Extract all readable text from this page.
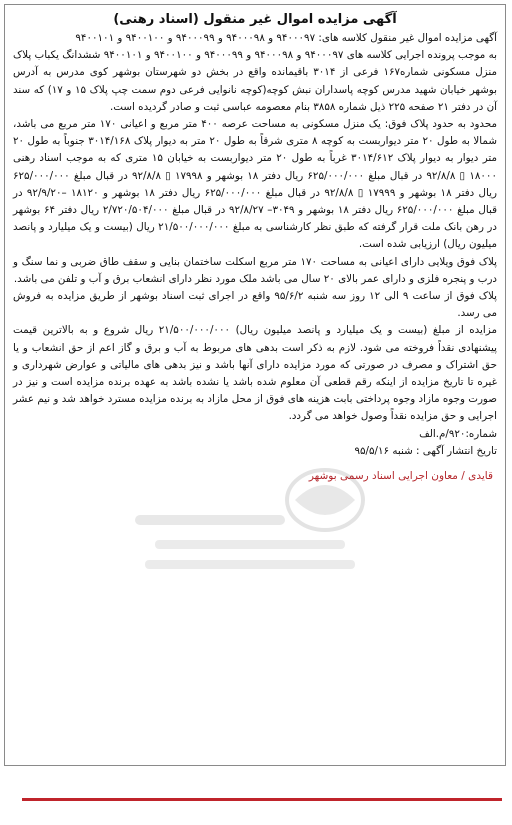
آگهی مزایده اموال غیر منقول (اسناد رهنی)

آگهی مزایده اموال غیر منقول کلاسه های: ۹۴۰۰۰۹۷ و ۹۴۰۰۰۹۸ و ۹۴۰۰۰۹۹ و ۹۴۰۰۱۰۰ و ۹۴۰۰۱۰۱

به موجب پرونده اجرایی کلاسه های ۹۴۰۰۰۹۷ و ۹۴۰۰۰۹۸ و ۹۴۰۰۰۹۹ و ۹۴۰۰۱۰۰ و ۹۴۰۰۱۰۱ ششدانگ یکباب پلاک منزل مسکونی شماره۱۶۷ فرعی از ۳۰۱۴ باقیمانده واقع در بخش دو شهرستان بوشهر کوی مدرس به آدرس بوشهر خیابان شهید مدرس کوچه پاسداران نبش کوچه(کوچه نانوایی فرعی دوم سمت چپ پلاک ۱۵ و ۱۷) که سند آن در دفتر ۲۱ صفحه ۲۲۵ ذیل شماره ۳۸۵۸ بنام معصومه عباسی ثبت و صادر گردیده است.

محدود به حدود پلاک فوق: یک منزل مسکونی به مساحت عرصه ۴۰۰ متر مربع و اعیانی ۱۷۰ متر مربع می باشد، شمالا به طول ۲۰ متر دیواربست به کوچه ۸ متری شرقاً به طول ۲۰ متر به دیوار پلاک ۳۰۱۴/۱۶۸ جنوباً به طول ۲۰ متر دیوار به دیوار پلاک ۳۰۱۴/۶۱۲ غرباً به طول ۲۰ متر دیواربست به خیابان ۱۵ متری که به موجب اسناد رهنی ۱۸۰۰۰ ▯ ۹۲/۸/۸ در قبال مبلغ ۶۲۵/۰۰۰/۰۰۰ ریال دفتر ۱۸ بوشهر و ۱۷۹۹۸ ▯ ۹۲/۸/۸ در قبال مبلغ ۶۲۵/۰۰۰/۰۰۰ ریال دفتر ۱۸ بوشهر و ۱۷۹۹۹ ▯ ۹۲/۸/۸ در قبال مبلغ ۶۲۵/۰۰۰/۰۰۰ ریال دفتر ۱۸ بوشهر و ۱۸۱۲۰ –۹۲/۹/۲۰ در قبال مبلغ ۶۲۵/۰۰۰/۰۰۰ ریال دفتر ۱۸ بوشهر و ۳۰۴۹– ۹۲/۸/۲۷ در قبال مبلغ ۲/۷۲۰/۵۰۴/۰۰۰ ریال دفتر ۶۴ بوشهر در رهن بانک ملت قرار گرفته که طبق نظر کارشناسی به مبلغ ۲۱/۵۰۰/۰۰۰/۰۰۰ ریال (بیست و یک میلیارد و پانصد میلیون ریال) ارزیابی شده است.

پلاک فوق ویلایی دارای اعیانی به مساحت ۱۷۰ متر مربع اسکلت ساختمان بنایی و سقف طاق ضربی و نما سنگ و درب و پنجره فلزی و دارای عمر بالای ۲۰ سال می باشد ملک مورد نظر دارای انشعاب برق و آب و تلفن می باشد.

پلاک فوق از ساعت ۹ الی ۱۲ روز سه شنبه ۹۵/۶/۲ واقع در اجرای ثبت اسناد بوشهر از طریق مزایده به فروش می رسد.

مزایده از مبلغ (بیست و یک میلیارد و پانصد میلیون ریال) ۲۱/۵۰۰/۰۰۰/۰۰۰ ریال شروع و به بالاترین قیمت پیشنهادی نقداً فروخته می شود. لازم به ذکر است بدهی های مربوط به آب و برق و گاز اعم از حق انشعاب و یا حق اشتراک و مصرف در صورتی که مورد مزایده دارای آنها باشد و نیز بدهی های مالیاتی و عوارض شهرداری و غیره تا تاریخ مزایده از اینکه رقم قطعی آن معلوم شده باشد یا نشده باشد به عهده برنده مزایده است و نیز در صورت وجوه مازاد وجوه پرداختی بابت هزینه های فوق از محل مازاد به برنده مزایده مسترد خواهد شد و نیم عشر اجرایی و حق مزایده نقداً وصول خواهد می گردد.

شماره:۹۲۰/م.الف

تاریخ انتشار آگهی : شنبه ۹۵/۵/۱۶

قایدی / معاون اجرایی اسناد رسمی بوشهر
